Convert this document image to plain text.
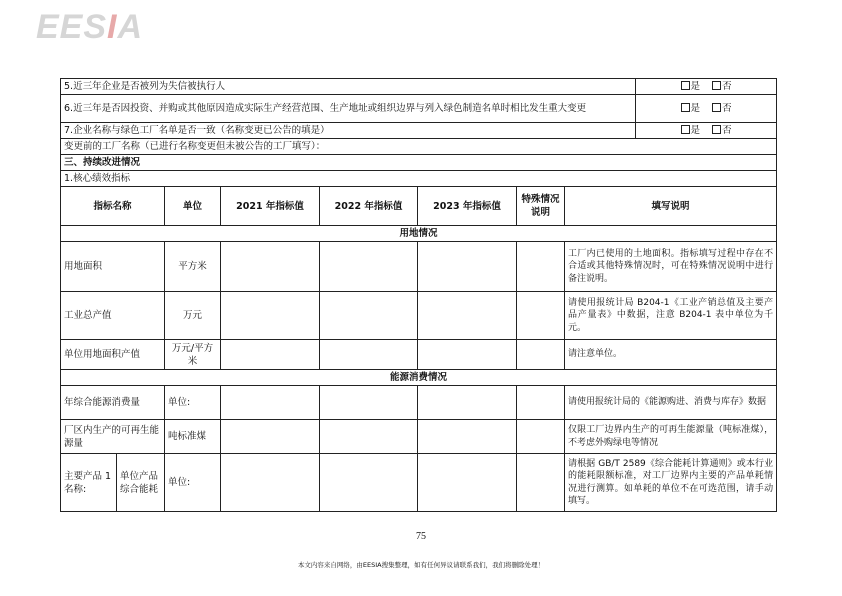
EESIA
5.近三年企业是否被列为失信被执行人								是 否
6.近三年是否因投资、并购或其他原因造成实际生产经营范围、生产地址或组织边界与列入绿色制造名单时相比发生重大变更								是 否
7.企业名称与绿色工厂名单是否一致（名称变更已公告的填是）								是 否
变更前的工厂名称（已进行名称变更但未被公告的工厂填写）：								
三、持续改进情况								
1.核心绩效指标								
指标名称		单位	2021 年指标值	2022 年指标值	2023 年指标值	特殊情况说明	填写说明	
用地情况								
用地面积		平方米					工厂内已使用的土地面积。指标填写过程中存在不合适或其他特殊情况时，可在特殊情况说明中进行备注说明。	
工业总产值		万元					请使用报统计局 B204-1《工业产销总值及主要产品产量表》中数据，注意 B204-1 表中单位为千元。	
单位用地面积产值		万元/平方米					请注意单位。	
能源消费情况								
年综合能源消费量		单位:					请使用报统计局的《能源购进、消费与库存》数据	
厂区内生产的可再生能源量		吨标准煤					仅限工厂边界内生产的可再生能源量（吨标准煤），不考虑外购绿电等情况	
主要产品 1 名称:	单位产品综合能耗	单位:					请根据 GB/T 2589《综合能耗计算通则》或本行业的能耗限额标准，对工厂边界内主要的产品单耗情况进行测算。如单耗的单位不在可选范围，请手动填写。	
75
本文内容来自网络，由EESIA搜集整理，如有任何异议请联系我们，我们将删除处理！
